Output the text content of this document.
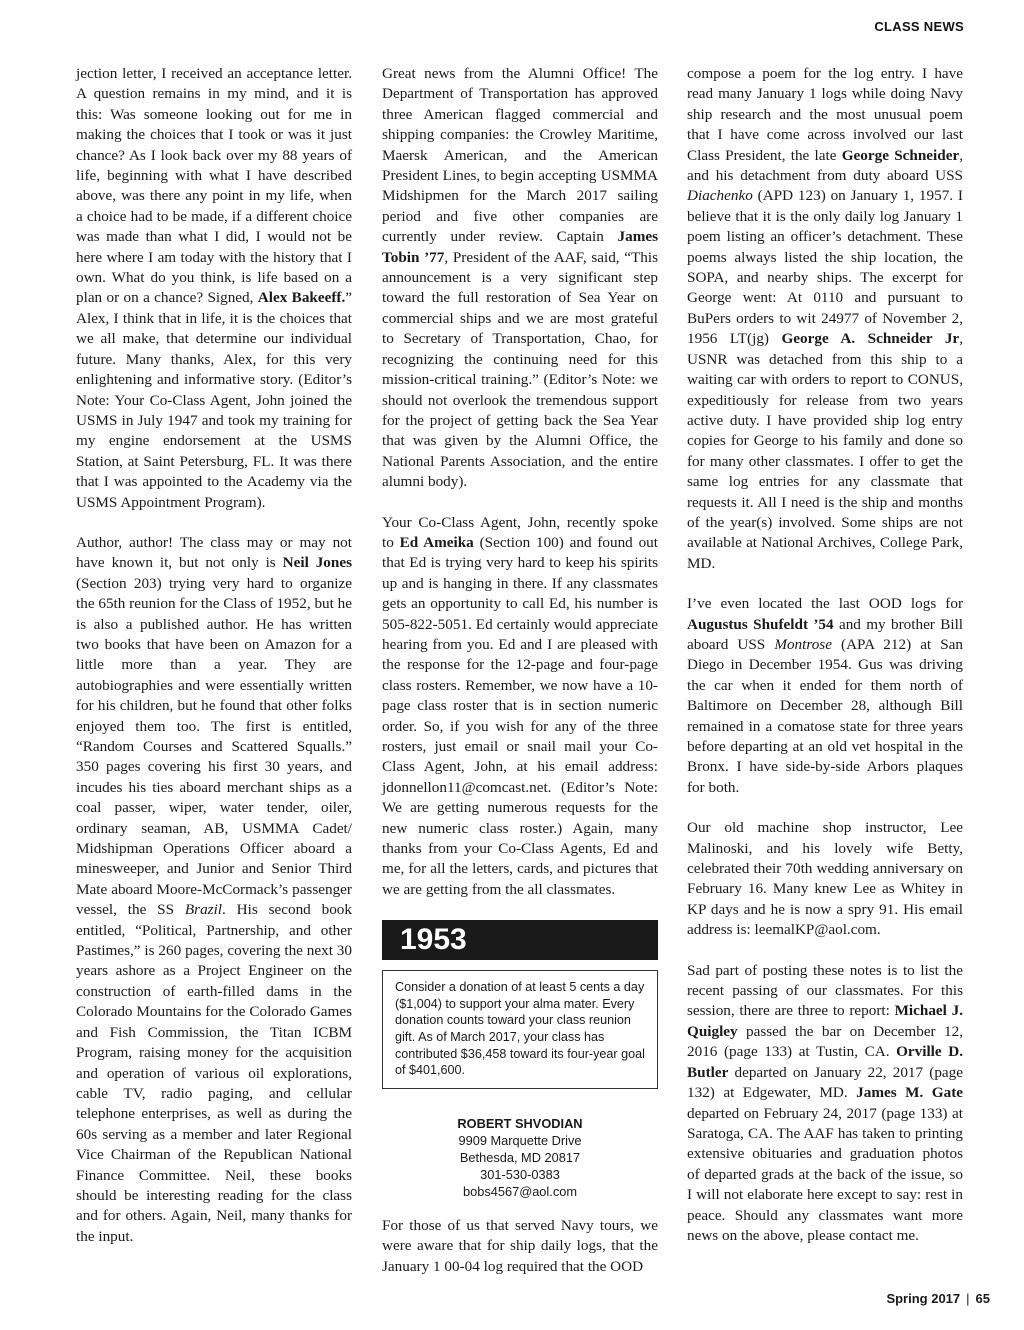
CLASS NEWS

jection letter, I received an acceptance letter. A question remains in my mind, and it is this: Was someone looking out for me in making the choices that I took or was it just chance? As I look back over my 88 years of life, beginning with what I have described above, was there any point in my life, when a choice had to be made, if a different choice was made than what I did, I would not be here where I am today with the history that I own. What do you think, is life based on a plan or on a chance? Signed, Alex Bakeeff.” Alex, I think that in life, it is the choices that we all make, that determine our individual future. Many thanks, Alex, for this very enlightening and informative story. (Editor’s Note: Your Co-Class Agent, John joined the USMS in July 1947 and took my training for my engine endorsement at the USMS Station, at Saint Petersburg, FL. It was there that I was appointed to the Academy via the USMS Appointment Program).

Author, author! The class may or may not have known it, but not only is Neil Jones (Section 203) trying very hard to organize the 65th reunion for the Class of 1952, but he is also a published author. He has written two books that have been on Amazon for a little more than a year. They are autobiographies and were essentially written for his children, but he found that other folks enjoyed them too. The first is entitled, “Random Courses and Scattered Squalls.” 350 pages covering his first 30 years, and incudes his ties aboard merchant ships as a coal passer, wiper, water tender, oiler, ordinary seaman, AB, USMMA Cadet/ Midshipman Operations Officer aboard a minesweeper, and Junior and Senior Third Mate aboard Moore-McCormack’s passenger vessel, the SS Brazil. His second book entitled, “Political, Partnership, and other Pastimes,” is 260 pages, covering the next 30 years ashore as a Project Engineer on the construction of earth-filled dams in the Colorado Mountains for the Colorado Games and Fish Commission, the Titan ICBM Program, raising money for the acquisition and operation of various oil explorations, cable TV, radio paging, and cellular telephone enterprises, as well as during the 60s serving as a member and later Regional Vice Chairman of the Republican National Finance Committee. Neil, these books should be interesting reading for the class and for others. Again, Neil, many thanks for the input.

Great news from the Alumni Office! The Department of Transportation has approved three American flagged commercial and shipping companies: the Crowley Maritime, Maersk American, and the American President Lines, to begin accepting USMMA Midshipmen for the March 2017 sailing period and five other companies are currently under review. Captain James Tobin ’77, President of the AAF, said, “This announcement is a very significant step toward the full restoration of Sea Year on commercial ships and we are most grateful to Secretary of Transportation, Chao, for recognizing the continuing need for this mission-critical training.” (Editor’s Note: we should not overlook the tremendous support for the project of getting back the Sea Year that was given by the Alumni Office, the National Parents Association, and the entire alumni body).

Your Co-Class Agent, John, recently spoke to Ed Ameika (Section 100) and found out that Ed is trying very hard to keep his spirits up and is hanging in there. If any classmates gets an opportunity to call Ed, his number is 505-822-5051. Ed certainly would appreciate hearing from you. Ed and I are pleased with the response for the 12-page and four-page class rosters. Remember, we now have a 10-page class roster that is in section numeric order. So, if you wish for any of the three rosters, just email or snail mail your Co-Class Agent, John, at his email address: jdonnellon11@comcast.net. (Editor’s Note: We are getting numerous requests for the new numeric class roster.) Again, many thanks from your Co-Class Agents, Ed and me, for all the letters, cards, and pictures that we are getting from the all classmates.

1953
Consider a donation of at least 5 cents a day ($1,004) to support your alma mater. Every donation counts toward your class reunion gift. As of March 2017, your class has contributed $36,458 toward its four-year goal of $401,600.
ROBERT SHVODIAN
9909 Marquette Drive
Bethesda, MD 20817
301-530-0383
bobs4567@aol.com

For those of us that served Navy tours, we were aware that for ship daily logs, that the January 1 00-04 log required that the OOD

compose a poem for the log entry. I have read many January 1 logs while doing Navy ship research and the most unusual poem that I have come across involved our last Class President, the late George Schneider, and his detachment from duty aboard USS Diachenko (APD 123) on January 1, 1957. I believe that it is the only daily log January 1 poem listing an officer’s detachment. These poems always listed the ship location, the SOPA, and nearby ships. The excerpt for George went: At 0110 and pursuant to BuPers orders to wit 24977 of November 2, 1956 LT(jg) George A. Schneider Jr, USNR was detached from this ship to a waiting car with orders to report to CONUS, expeditiously for release from two years active duty. I have provided ship log entry copies for George to his family and done so for many other classmates. I offer to get the same log entries for any classmate that requests it. All I need is the ship and months of the year(s) involved. Some ships are not available at National Archives, College Park, MD.

I’ve even located the last OOD logs for Augustus Shufeldt ’54 and my brother Bill aboard USS Montrose (APA 212) at San Diego in December 1954. Gus was driving the car when it ended for them north of Baltimore on December 28, although Bill remained in a comatose state for three years before departing at an old vet hospital in the Bronx. I have side-by-side Arbors plaques for both.

Our old machine shop instructor, Lee Malinoski, and his lovely wife Betty, celebrated their 70th wedding anniversary on February 16. Many knew Lee as Whitey in KP days and he is now a spry 91. His email address is: leemalKP@aol.com.

Sad part of posting these notes is to list the recent passing of our classmates. For this session, there are three to report: Michael J. Quigley passed the bar on December 12, 2016 (page 133) at Tustin, CA. Orville D. Butler departed on January 22, 2017 (page 132) at Edgewater, MD. James M. Gate departed on February 24, 2017 (page 133) at Saratoga, CA. The AAF has taken to printing extensive obituaries and graduation photos of departed grads at the back of the issue, so I will not elaborate here except to say: rest in peace. Should any classmates want more news on the above, please contact me.

Spring 2017 | 65
